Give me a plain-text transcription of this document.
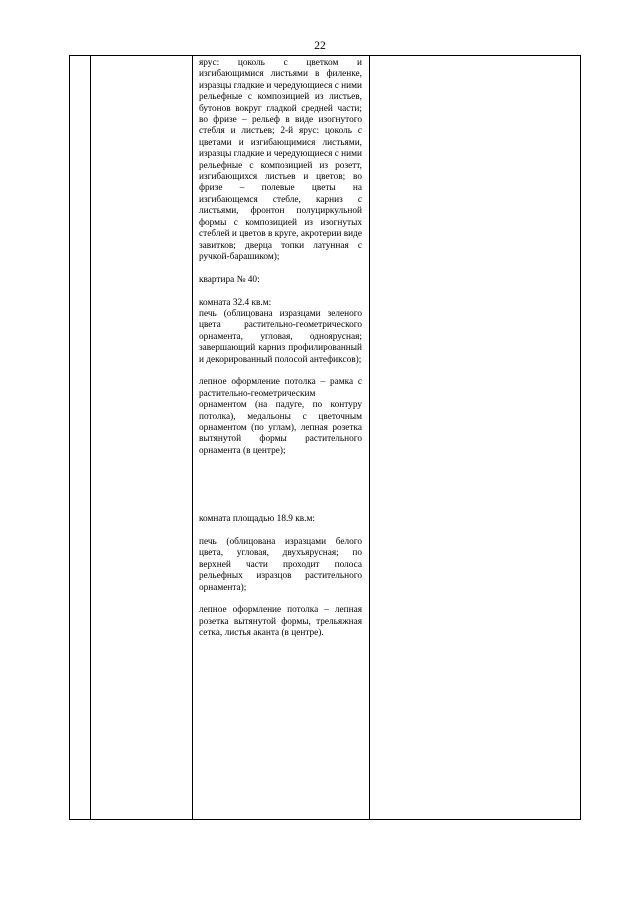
22

ярус: цоколь с цветком и изгибающимися листьями в филенке, изразцы гладкие и чередующиеся с ними рельефные с композицией из листьев, бутонов вокруг гладкой средней части; во фризе – рельеф в виде изогнутого стебля и листьев; 2-й ярус: цоколь с цветами и изгибающимися листьями, изразцы гладкие и чередующиеся с ними рельефные с композицией из розетт, изгибающихся листьев и цветов; во фризе – полевые цветы на изгибающемся стебле, карниз с листьями, фронтон полуциркульной формы с композицией из изогнутых стеблей и цветов в круге, акротерии виде завитков; дверца топки латунная с ручкой-барашиком);

квартира № 40:

комната 32.4 кв.м:

печь (облицована изразцами зеленого цвета растительно-геометрического орнамента, угловая, одноярусная; завершающий карниз профилированный и декорированный полосой антефиксов);

лепное оформление потолка – рамка с растительно-геометрическим орнаментом (на падуге, по контуру потолка), медальоны с цветочным орнаментом (по углам), лепная розетка вытянутой формы растительного орнамента (в центре);

комната площадью 18.9 кв.м:

печь (облицована изразцами белого цвета, угловая, двухъярусная; по верхней части проходит полоса рельефных изразцов растительного орнамента);

лепное оформление потолка – лепная розетка вытянутой формы, трельяжная сетка, листья аканта (в центре).
